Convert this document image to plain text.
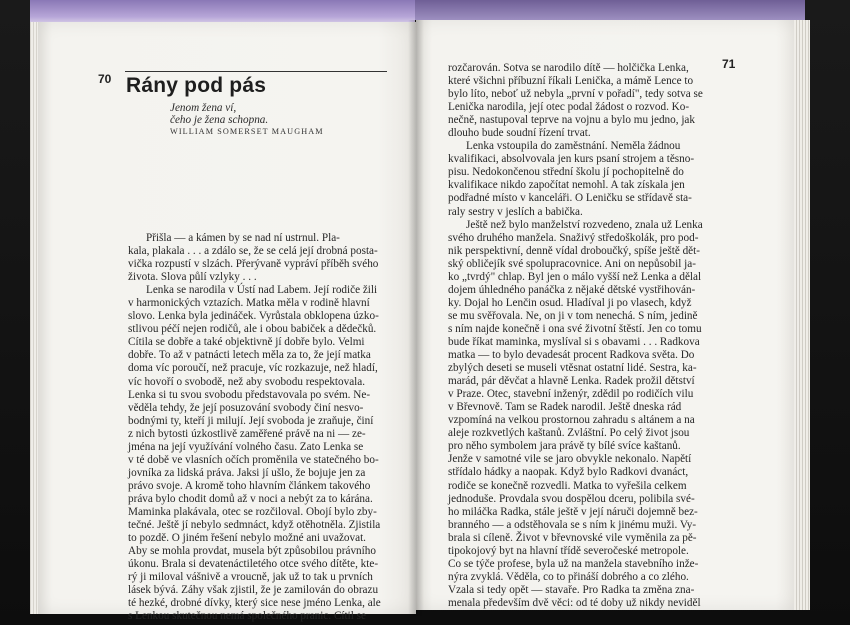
70 Rány pod pás
Jenom žena ví,
čeho je žena schopna.
WILLIAM SOMERSET MAUGHAM
Přišla — a kámen by se nad ní ustrnul. Pla-
kala, plakala . . . a zdálo se, že se celá její drobná posta-
vička rozpustí v slzách. Přerývaně vypráví příběh svého
života. Slova půlí vzlyky . . .
Lenka se narodila v Ústí nad Labem. Její rodiče žili
v harmonických vztazích. Matka měla v rodině hlavní
slovo. Lenka byla jedináček. Vyrůstala obklopena úzko-
stlivou péčí nejen rodičů, ale i obou babiček a dědečků.
Cítila se dobře a také objektivně jí dobře bylo. Velmi
dobře. To až v patnácti letech měla za to, že její matka
doma víc poroučí, než pracuje, víc rozkazuje, než hladí,
víc hovoří o svobodě, než aby svobodu respektovala.
Lenka si tu svou svobodu představovala po svém. Ne-
věděla tehdy, že její posuzování svobody činí nesvo-
bodnými ty, kteří ji milují. Její svoboda je zraňuje, činí
z nich bytosti úzkostlivě zaměřené právě na ni — ze-
jména na její využívání volného času. Zato Lenka se
v té době ve vlasních očích proměnila ve statečného bo-
jovníka za lidská práva. Jaksi jí ušlo, že bojuje jen za
právo svoje. A kromě toho hlavním článkem takového
práva bylo chodit domů až v noci a nebýt za to kárána.
Maminka plakávala, otec se rozčiloval. Obojí bylo zby-
tečné. Ještě jí nebylo sedmnáct, když otěhotněla. Zjistila
to pozdě. O jiném řešení nebylo možné ani uvažovat.
Aby se mohla provdat, musela být způsobilou právního
úkonu. Brala si devatenáctiletého otce svého dítěte, kte-
rý ji miloval vášnivě a vroucně, jak už to tak u prvních
lásek bývá. Záhy však zjistil, že je zamilován do obrazu
té hezké, drobné dívky, který sice nese jméno Lenka, ale
s Lenkou skutečnou nemá společného pranic. Cítil se
71
rozčarován. Sotva se narodilo dítě — holčička Lenka,
které všichni příbuzní říkali Lenička, a mámě Lence to
bylo líto, neboť už nebyla „první v pořadí", tedy sotva se
Lenička narodila, její otec podal žádost o rozvod. Ko-
nečně, nastupoval teprve na vojnu a bylo mu jedno, jak
dlouho bude soudní řízení trvat.
Lenka vstoupila do zaměstnání. Neměla žádnou
kvalifikaci, absolvovala jen kurs psaní strojem a těsno-
pisu. Nedokončenou střední školu jí pochopitelně do
kvalifikace nikdo započítat nemohl. A tak získala jen
podřadné místo v kanceláři. O Leničku se střídavě sta-
raly sestry v jeslích a babička.
Ještě než bylo manželství rozvedeno, znala už Lenka
svého druhého manžela. Snaživý středoškolák, pro pod-
nik perspektivní, denně vídal droboučký, spíše ještě dět-
ský obličejík své spolupracovnice. Ani on nepůsobil ja-
ko „tvrdý" chlap. Byl jen o málo vyšší než Lenka a dělal
dojem úhledného panáčka z nějaké dětské vystřihován-
ky. Dojal ho Lenčin osud. Hladíval ji po vlasech, když
se mu svěřovala. Ne, on ji v tom nenechá. S ním, jedině
s ním najde konečně i ona své životní štěstí. Jen co tomu
bude říkat maminka, myslíval si s obavami . . . Radkova
matka — to bylo devadesát procent Radkova světa. Do
zbylých deseti se museli vtěsnat ostatní lidé. Sestra, ka-
marád, pár děvčat a hlavně Lenka. Radek prožil dětství
v Praze. Otec, stavební inženýr, zdědil po rodičích vilu
v Břevnově. Tam se Radek narodil. Ještě dneska rád
vzpomíná na velkou prostornou zahradu s altánem a na
aleje rozkvetlých kaštanů. Zvláštní. Po celý život jsou
pro něho symbolem jara právě ty bílé svíce kaštanů.
Jenže v samotné vile se jaro obvykle nekonalo. Napětí
střídalo hádky a naopak. Když bylo Radkovi dvanáct,
rodiče se konečně rozvedli. Matka to vyřešila celkem
jednoduše. Provdala svou dospělou dceru, polibila své-
ho miláčka Radka, stále ještě v její náruči dojemně bez-
branného — a odstěhovala se s ním k jinému muži. Vy-
brala si cíleně. Život v břevnovské vile vyměnila za pě-
tipokojový byt na hlavní třídě severočeské metropole.
Co se týče profese, byla už na manžela stavebního inže-
nýra zvyklá. Věděla, co to přináší dobrého a co zlého.
Vzala si tedy opět — stavaře. Pro Radka ta změna zna-
menala především dvě věci: od té doby už nikdy neviděl
